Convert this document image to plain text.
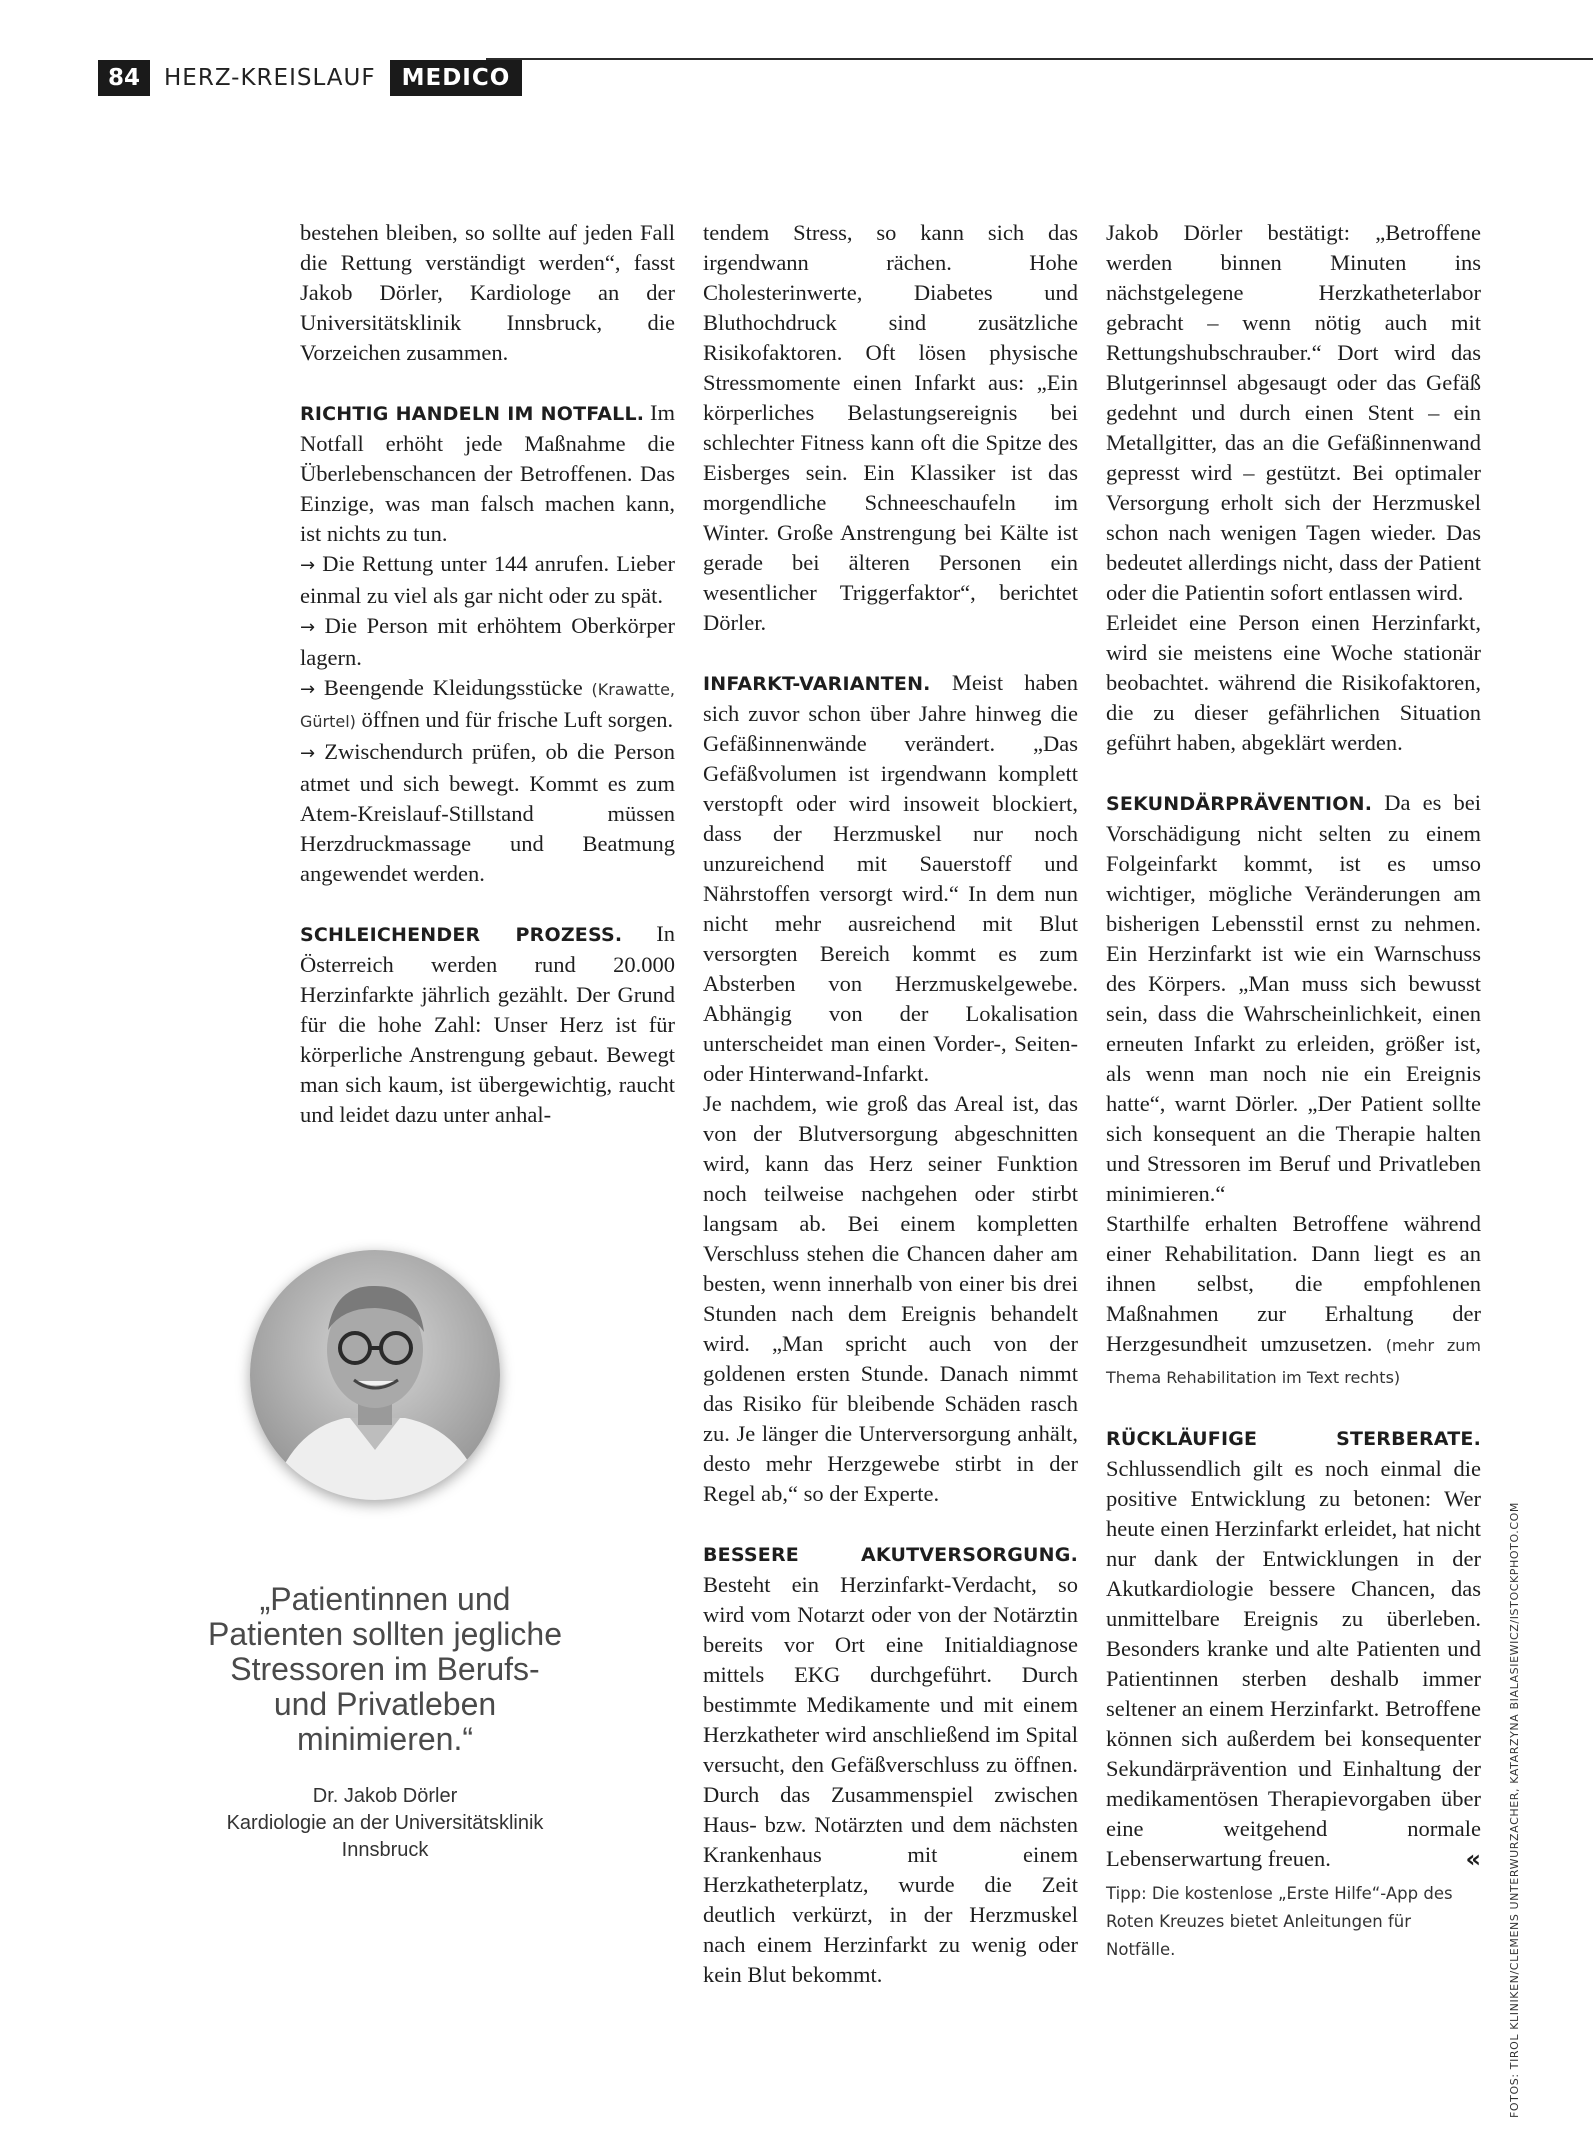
84	HERZ-KREISLAUF	MEDICO

bestehen bleiben, so sollte auf jeden Fall die Rettung verständigt werden“, fasst Jakob Dörler, Kardiologe an der Universitätsklinik Innsbruck, die Vorzeichen zusammen.

RICHTIG HANDELN IM NOTFALL. Im Notfall erhöht jede Maßnahme die Überlebenschancen der Betroffenen. Das Einzige, was man falsch machen kann, ist nichts zu tun.

→ Die Rettung unter 144 anrufen. Lieber einmal zu viel als gar nicht oder zu spät.

→ Die Person mit erhöhtem Oberkörper lagern.

→ Beengende Kleidungsstücke (Krawatte, Gürtel) öffnen und für frische Luft sorgen.

→ Zwischendurch prüfen, ob die Person atmet und sich bewegt. Kommt es zum Atem-Kreislauf-Stillstand müssen Herzdruckmassage und Beatmung angewendet werden.

SCHLEICHENDER PROZESS. In Österreich werden rund 20.000 Herzinfarkte jährlich gezählt. Der Grund für die hohe Zahl: Unser Herz ist für körperliche Anstrengung gebaut. Bewegt man sich kaum, ist übergewichtig, raucht und leidet dazu unter anhal-

„Patientinnen und Patienten sollten jegliche Stressoren im Berufs- und Privatleben minimieren.“
Dr. Jakob Dörler
Kardiologie an der Universitätsklinik Innsbruck

tendem Stress, so kann sich das irgendwann rächen. Hohe Cholesterinwerte, Diabetes und Bluthochdruck sind zusätzliche Risikofaktoren. Oft lösen physische Stressmomente einen Infarkt aus: „Ein körperliches Belastungsereignis bei schlechter Fitness kann oft die Spitze des Eisberges sein. Ein Klassiker ist das morgendliche Schneeschaufeln im Winter. Große Anstrengung bei Kälte ist gerade bei älteren Personen ein wesentlicher Triggerfaktor“, berichtet Dörler.

INFARKT-VARIANTEN. Meist haben sich zuvor schon über Jahre hinweg die Gefäßinnenwände verändert. „Das Gefäßvolumen ist irgendwann komplett verstopft oder wird insoweit blockiert, dass der Herzmuskel nur noch unzureichend mit Sauerstoff und Nährstoffen versorgt wird.“ In dem nun nicht mehr ausreichend mit Blut versorgten Bereich kommt es zum Absterben von Herzmuskelgewebe. Abhängig von der Lokalisation unterscheidet man einen Vorder-, Seiten- oder Hinterwand-Infarkt.

Je nachdem, wie groß das Areal ist, das von der Blutversorgung abgeschnitten wird, kann das Herz seiner Funktion noch teilweise nachgehen oder stirbt langsam ab. Bei einem kompletten Verschluss stehen die Chancen daher am besten, wenn innerhalb von einer bis drei Stunden nach dem Ereignis behandelt wird. „Man spricht auch von der goldenen ersten Stunde. Danach nimmt das Risiko für bleibende Schäden rasch zu. Je länger die Unterversorgung anhält, desto mehr Herzgewebe stirbt in der Regel ab,“ so der Experte.

BESSERE AKUTVERSORGUNG. Besteht ein Herzinfarkt-Verdacht, so wird vom Notarzt oder von der Notärztin bereits vor Ort eine Initialdiagnose mittels EKG durchgeführt. Durch bestimmte Medikamente und mit einem Herzkatheter wird anschließend im Spital versucht, den Gefäßverschluss zu öffnen. Durch das Zusammenspiel zwischen Haus- bzw. Notärzten und dem nächsten Krankenhaus mit einem Herzkatheterplatz, wurde die Zeit deutlich verkürzt, in der Herzmuskel nach einem Herzinfarkt zu wenig oder kein Blut bekommt.

Jakob Dörler bestätigt: „Betroffene werden binnen Minuten ins nächstgelegene Herzkatheterlabor gebracht – wenn nötig auch mit Rettungshubschrauber.“ Dort wird das Blutgerinnsel abgesaugt oder das Gefäß gedehnt und durch einen Stent – ein Metallgitter, das an die Gefäßinnenwand gepresst wird – gestützt. Bei optimaler Versorgung erholt sich der Herzmuskel schon nach wenigen Tagen wieder. Das bedeutet allerdings nicht, dass der Patient oder die Patientin sofort entlassen wird.

Erleidet eine Person einen Herzinfarkt, wird sie meistens eine Woche stationär beobachtet. während die Risikofaktoren, die zu dieser gefährlichen Situation geführt haben, abgeklärt werden.

SEKUNDÄRPRÄVENTION. Da es bei Vorschädigung nicht selten zu einem Folgeinfarkt kommt, ist es umso wichtiger, mögliche Veränderungen am bisherigen Lebensstil ernst zu nehmen. Ein Herzinfarkt ist wie ein Warnschuss des Körpers. „Man muss sich bewusst sein, dass die Wahrscheinlichkeit, einen erneuten Infarkt zu erleiden, größer ist, als wenn man noch nie ein Ereignis hatte“, warnt Dörler. „Der Patient sollte sich konsequent an die Therapie halten und Stressoren im Beruf und Privatleben minimieren.“

Starthilfe erhalten Betroffene während einer Rehabilitation. Dann liegt es an ihnen selbst, die empfohlenen Maßnahmen zur Erhaltung der Herzgesundheit umzusetzen. (mehr zum Thema Rehabilitation im Text rechts)

RÜCKLÄUFIGE STERBERATE. Schlussendlich gilt es noch einmal die positive Entwicklung zu betonen: Wer heute einen Herzinfarkt erleidet, hat nicht nur dank der Entwicklungen in der Akutkardiologie bessere Chancen, das unmittelbare Ereignis zu überleben. Besonders kranke und alte Patienten und Patientinnen sterben deshalb immer seltener an einem Herzinfarkt. Betroffene können sich außerdem bei konsequenter Sekundärprävention und Einhaltung der medikamentösen Therapievorgaben über eine weitgehend normale Lebenserwartung freuen.	«

Tipp: Die kostenlose „Erste Hilfe“-App des Roten Kreuzes bietet Anleitungen für Notfälle.	FOTOS: TIROL KLINIKEN/CLEMENS UNTERWURZACHER, KATARZYNA BIALASIEWICZ/ISTOCKPHOTO.COM
